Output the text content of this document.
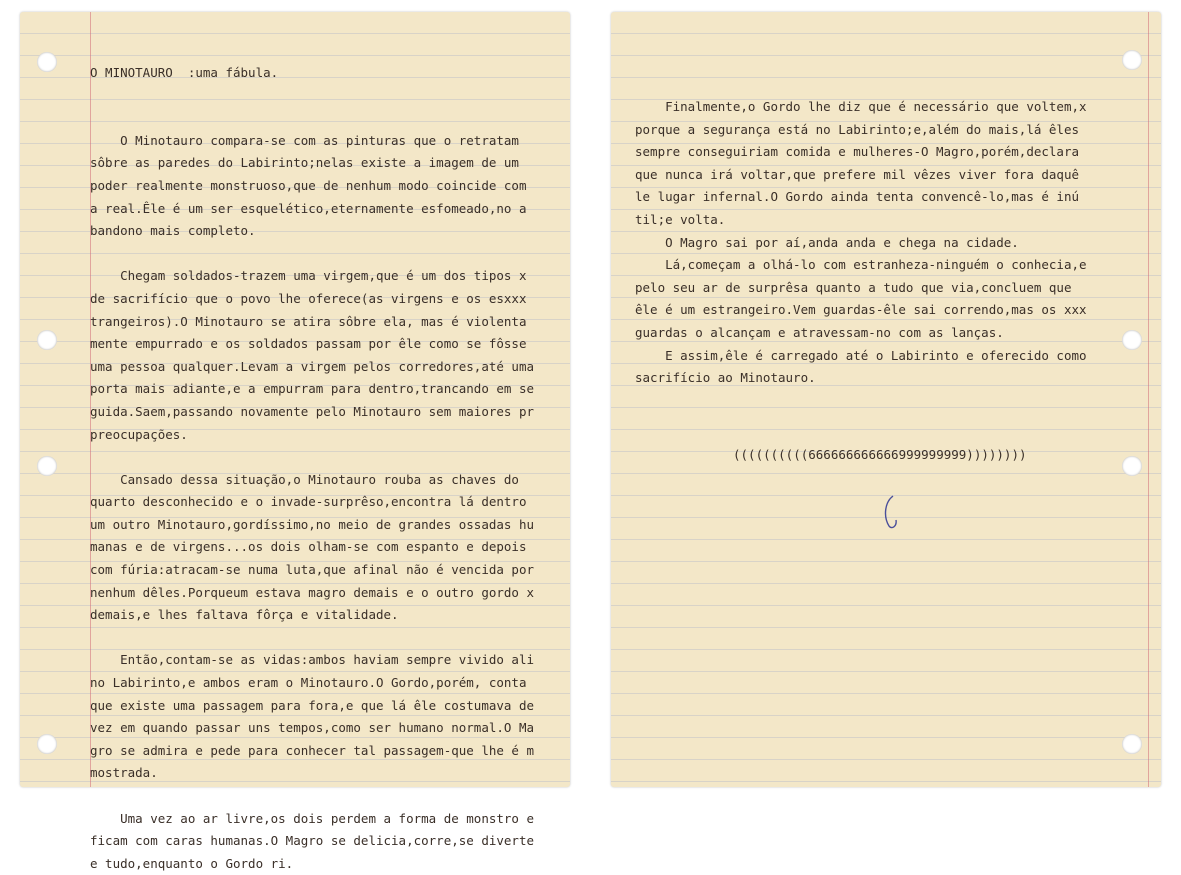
O MINOTAURO  :uma fábula.
O Minotauro compara-se com as pinturas que o retratam
sôbre as paredes do Labirinto;nelas existe a imagem de um
poder realmente monstruoso,que de nenhum modo coincide com
a real.Êle é um ser esquelético,eternamente esfomeado,no a
bandono mais completo.
Chegam soldados-trazem uma virgem,que é um dos tipos x
de sacrifício que o povo lhe oferece(as virgens e os esxxx
trangeiros).O Minotauro se atira sôbre ela, mas é violenta
mente empurrado e os soldados passam por êle como se fôsse
uma pessoa qualquer.Levam a virgem pelos corredores,até uma
porta mais adiante,e a empurram para dentro,trancando em se
guida.Saem,passando novamente pelo Minotauro sem maiores pr
preocupações.
Cansado dessa situação,o Minotauro rouba as chaves do
quarto desconhecido e o invade-surprêso,encontra lá dentro
um outro Minotauro,gordíssimo,no meio de grandes ossadas hu
manas e de virgens...os dois olham-se com espanto e depois
com fúria:atracam-se numa luta,que afinal não é vencida por
nenhum dêles.Porqueum estava magro demais e o outro gordo x
demais,e lhes faltava fôrça e vitalidade.
Então,contam-se as vidas:ambos haviam sempre vivido ali
no Labirinto,e ambos eram o Minotauro.O Gordo,porém, conta
que existe uma passagem para fora,e que lá êle costumava de
vez em quando passar uns tempos,como ser humano normal.O Ma
gro se admira e pede para conhecer tal passagem-que lhe é m
mostrada.
Uma vez ao ar livre,os dois perdem a forma de monstro e
ficam com caras humanas.O Magro se delicia,corre,se diverte
e tudo,enquanto o Gordo ri.
Finalmente,o Gordo lhe diz que é necessário que voltem,x
porque a segurança está no Labirinto;e,além do mais,lá êles
sempre conseguiriam comida e mulheres-O Magro,porém,declara
que nunca irá voltar,que prefere mil vêzes viver fora daquê
le lugar infernal.O Gordo ainda tenta convencê-lo,mas é inú
til;e volta.
O Magro sai por aí,anda anda e chega na cidade.
Lá,começam a olhá-lo com estranheza-ninguém o conhecia,e
pelo seu ar de surprêsa quanto a tudo que via,concluem que
êle é um estrangeiro.Vem guardas-êle sai correndo,mas os xxx
guardas o alcançam e atravessam-no com as lanças.
E assim,êle é carregado até o Labirinto e oferecido como
sacrifício ao Minotauro.
((((((((((666666666666999999999))))))))
